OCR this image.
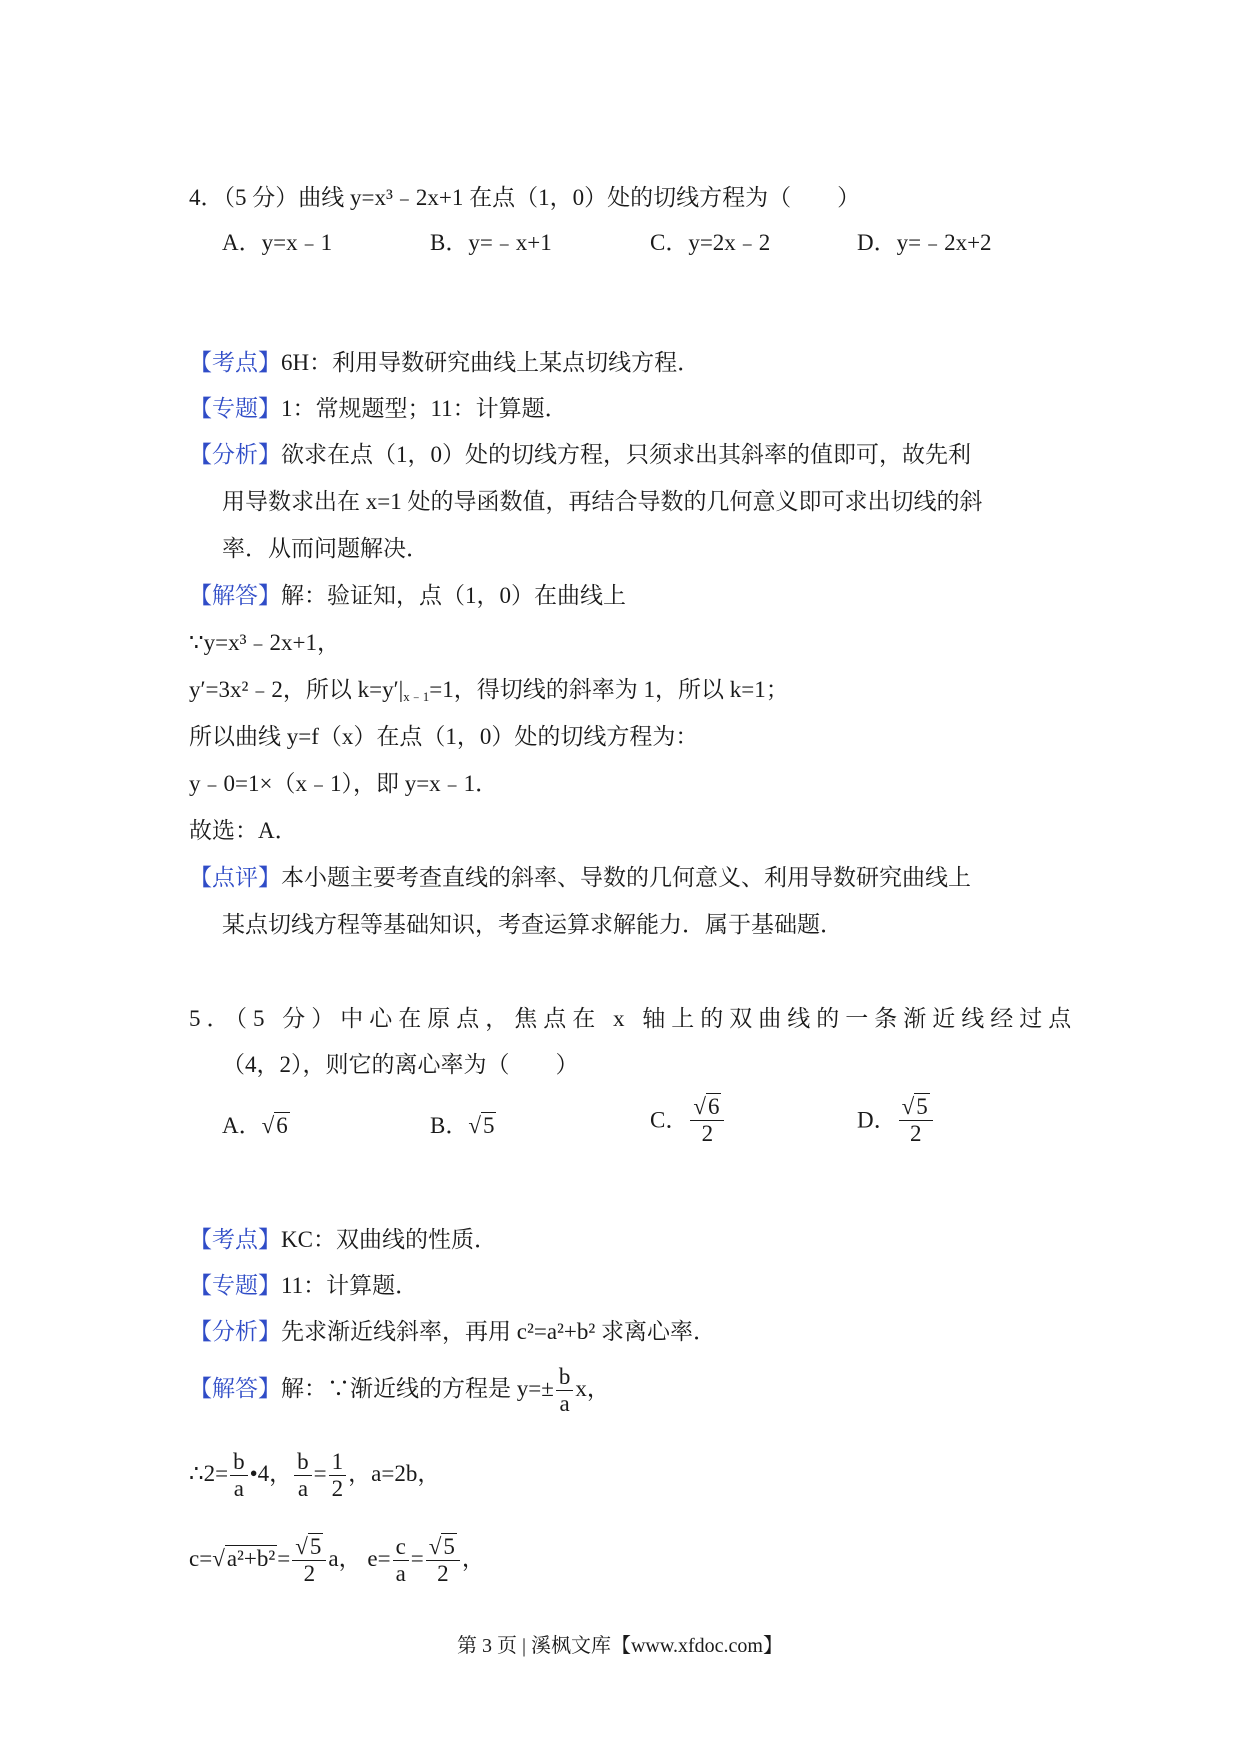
4．（5 分）曲线 y=x³﹣2x+1 在点（1，0）处的切线方程为（　　）
A．y=x﹣1	B．y=﹣x+1	C．y=2x﹣2	D．y=﹣2x+2
【考点】6H：利用导数研究曲线上某点切线方程．
【专题】1：常规题型；11：计算题．
【分析】欲求在点（1，0）处的切线方程，只须求出其斜率的值即可，故先利
用导数求出在 x=1 处的导函数值，再结合导数的几何意义即可求出切线的斜
率．从而问题解决．
【解答】解：验证知，点（1，0）在曲线上
∵y=x³﹣2x+1，
y′=3x²﹣2，所以 k=y′|x﹣1=1，得切线的斜率为 1，所以 k=1；
所以曲线 y=f（x）在点（1，0）处的切线方程为：
y﹣0=1×（x﹣1），即 y=x﹣1．
故选：A．
【点评】本小题主要考查直线的斜率、导数的几何意义、利用导数研究曲线上
某点切线方程等基础知识，考查运算求解能力．属于基础题．
5．（5 分）中心在原点，焦点在 x 轴上的双曲线的一条渐近线经过点
（4，2），则它的离心率为（　　）
A．√6	B．√5	C． $\frac{√6}{2}$	D． $\frac{√5}{2}$
【考点】KC：双曲线的性质．
【专题】11：计算题．
【分析】先求渐近线斜率，再用 c²=a²+b² 求离心率．
【解答】解：∵渐近线的方程是 $y=\pm \frac{b}{a}$ x，
∴2= $\frac{b}{a}$ •4， $\frac{b}{a} = \frac{1}{2}$ ，a=2b，
$c=√a^2+b^2= \frac{√5}{2}$ a， $e= \frac{c}{a} = \frac{√5}{2}$ ，
第 3 页 | 溪枫文库【www.xfdoc.com】
